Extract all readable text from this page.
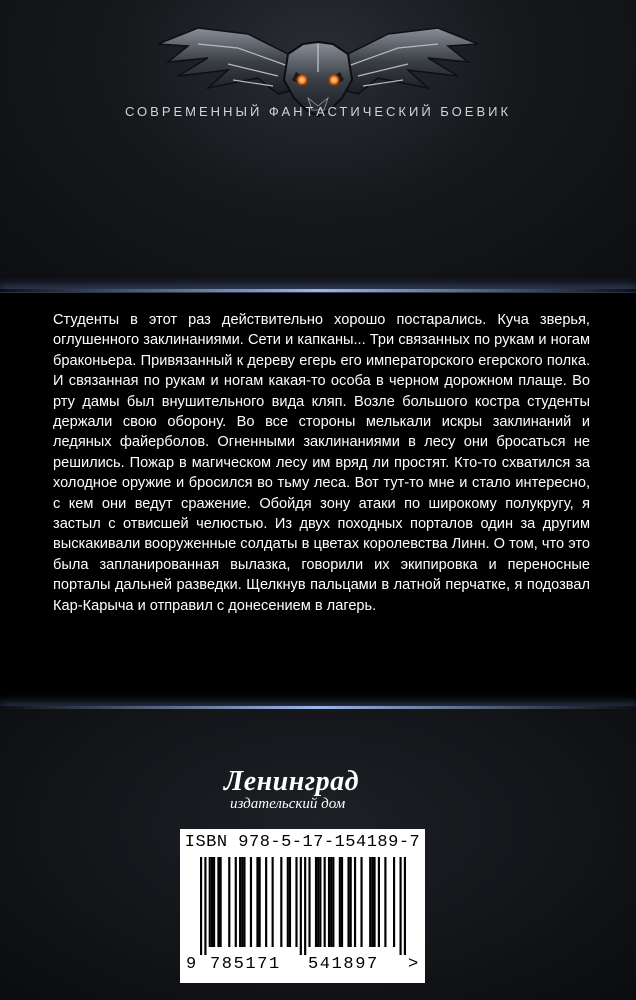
СОВРЕМЕННЫЙ ФАНТАСТИЧЕСКИЙ БОЕВИК

Студенты в этот раз действительно хорошо постарались. Куча зверья, оглушенного заклинаниями. Сети и капканы... Три связанных по рукам и ногам браконьера. Привязанный к дереву егерь его императорского егерского полка. И связанная по рукам и ногам какая-то особа в черном дорожном плаще. Во рту дамы был внушительного вида кляп. Возле большого костра студенты держали свою оборону. Во все стороны мелькали искры заклинаний и ледяных файерболов. Огненными заклинаниями в лесу они бросаться не решились. Пожар в магическом лесу им вряд ли простят. Кто-то схватился за холодное оружие и бросился во тьму леса. Вот тут-то мне и стало интересно, с кем они ведут сражение. Обойдя зону атаки по широкому полукругу, я застыл с отвисшей челюстью. Из двух походных порталов один за другим выскакивали вооруженные солдаты в цветах королевства Линн. О том, что это была запланированная вылазка, говорили их экипировка и переносные порталы дальней разведки. Щелкнув пальцами в латной перчатке, я подозвал Кар-Карыча и отправил с донесением в лагерь.

Ленинград
издательский дом
ISBN 978-5-17-154189-7
9 785171 541897 >
